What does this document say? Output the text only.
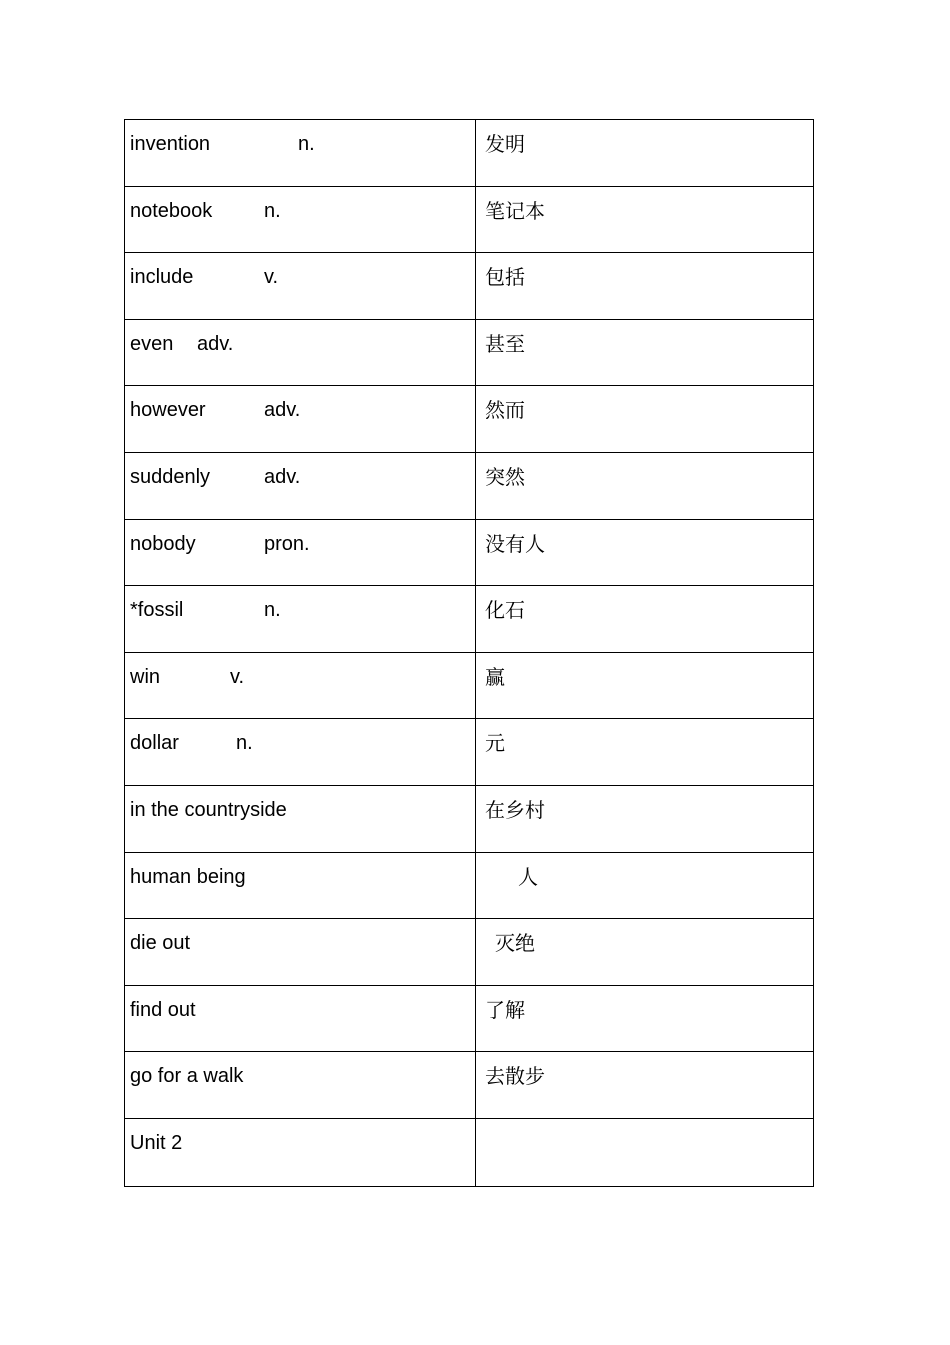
invention	n.	发明
notebook	n.	笔记本
include	v.	包括
even adv.	甚至
however	adv.	然而
suddenly	adv.	突然
nobody	pron.	没有人
*fossil	n.	化石
win	v.	赢
dollar	n.	元
in the countryside	在乡村
human being	人
die out	灭绝
find out	了解
go for a walk	去散步
Unit 2
